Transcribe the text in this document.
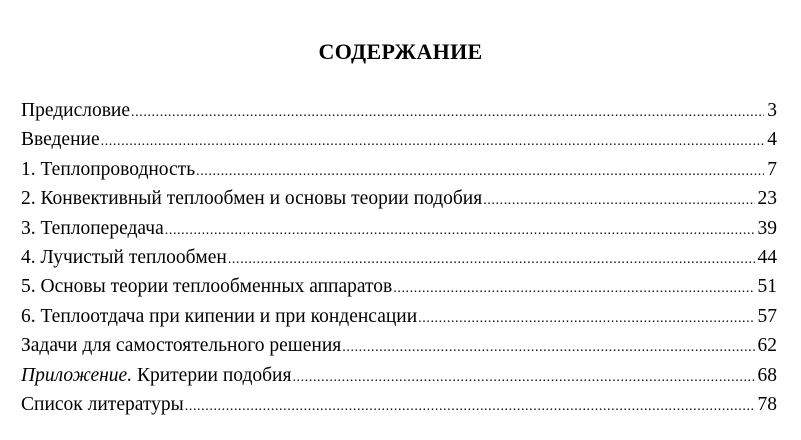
СОДЕРЖАНИЕ
Предисловие .....	3
Введение .....	4
1. Теплопроводность .....	7
2. Конвективный теплообмен и основы теории подобия .....	23
3. Теплопередача .....	39
4. Лучистый теплообмен .....	44
5. Основы теории теплообменных аппаратов .....	51
6. Теплоотдача при кипении и при конденсации .....	57
Задачи для самостоятельного решения .....	62
Приложение. Критерии подобия .....	68
Список литературы .....	78
